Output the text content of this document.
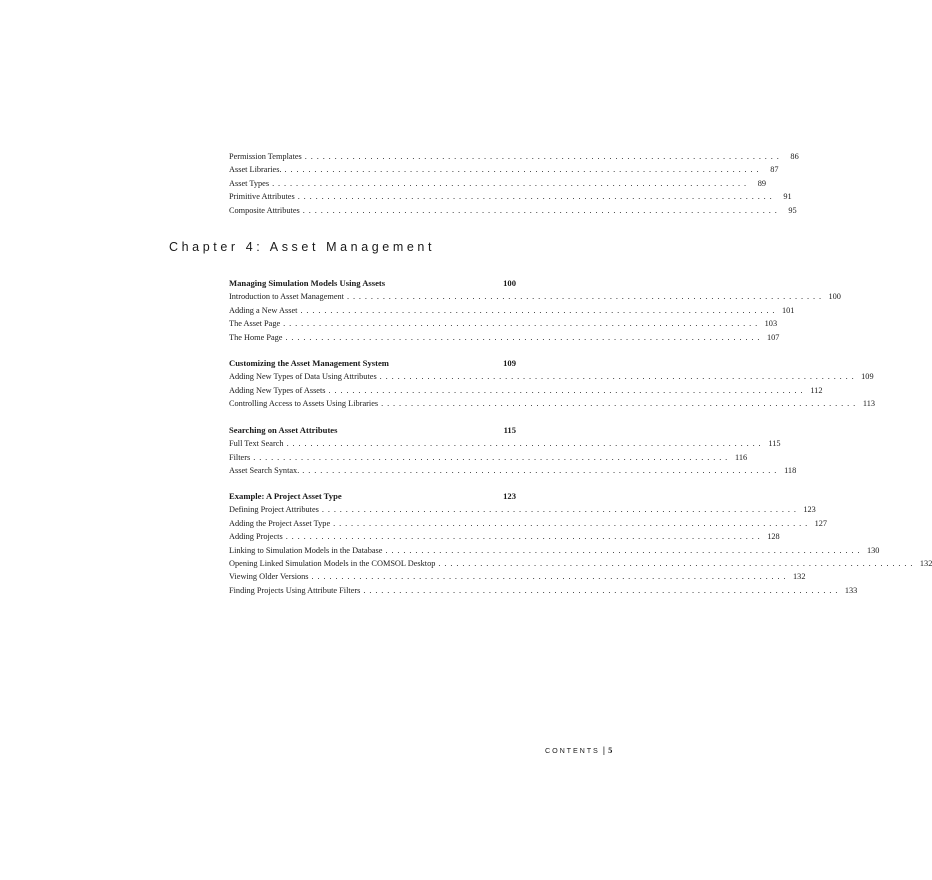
Permission Templates ................................................................................ 86
Asset Libraries. ................................................................................ 87
Asset Types ................................................................................ 89
Primitive Attributes ................................................................................ 91
Composite Attributes ................................................................................ 95
Chapter 4: Asset Management
Managing Simulation Models Using Assets	100
Introduction to Asset Management ................................................................................ 100
Adding a New Asset ................................................................................ 101
The Asset Page ................................................................................ 103
The Home Page ................................................................................ 107
Customizing the Asset Management System	109
Adding New Types of Data Using Attributes ................................................................................ 109
Adding New Types of Assets ................................................................................ 112
Controlling Access to Assets Using Libraries ................................................................................ 113
Searching on Asset Attributes	115
Full Text Search ................................................................................ 115
Filters ................................................................................ 116
Asset Search Syntax. ................................................................................ 118
Example: A Project Asset Type	123
Defining Project Attributes ................................................................................ 123
Adding the Project Asset Type ................................................................................ 127
Adding Projects ................................................................................ 128
Linking to Simulation Models in the Database ................................................................................ 130
Opening Linked Simulation Models in the COMSOL Desktop ................................................................................ 132
Viewing Older Versions ................................................................................ 132
Finding Projects Using Attribute Filters ................................................................................ 133
CONTENTS | 5
